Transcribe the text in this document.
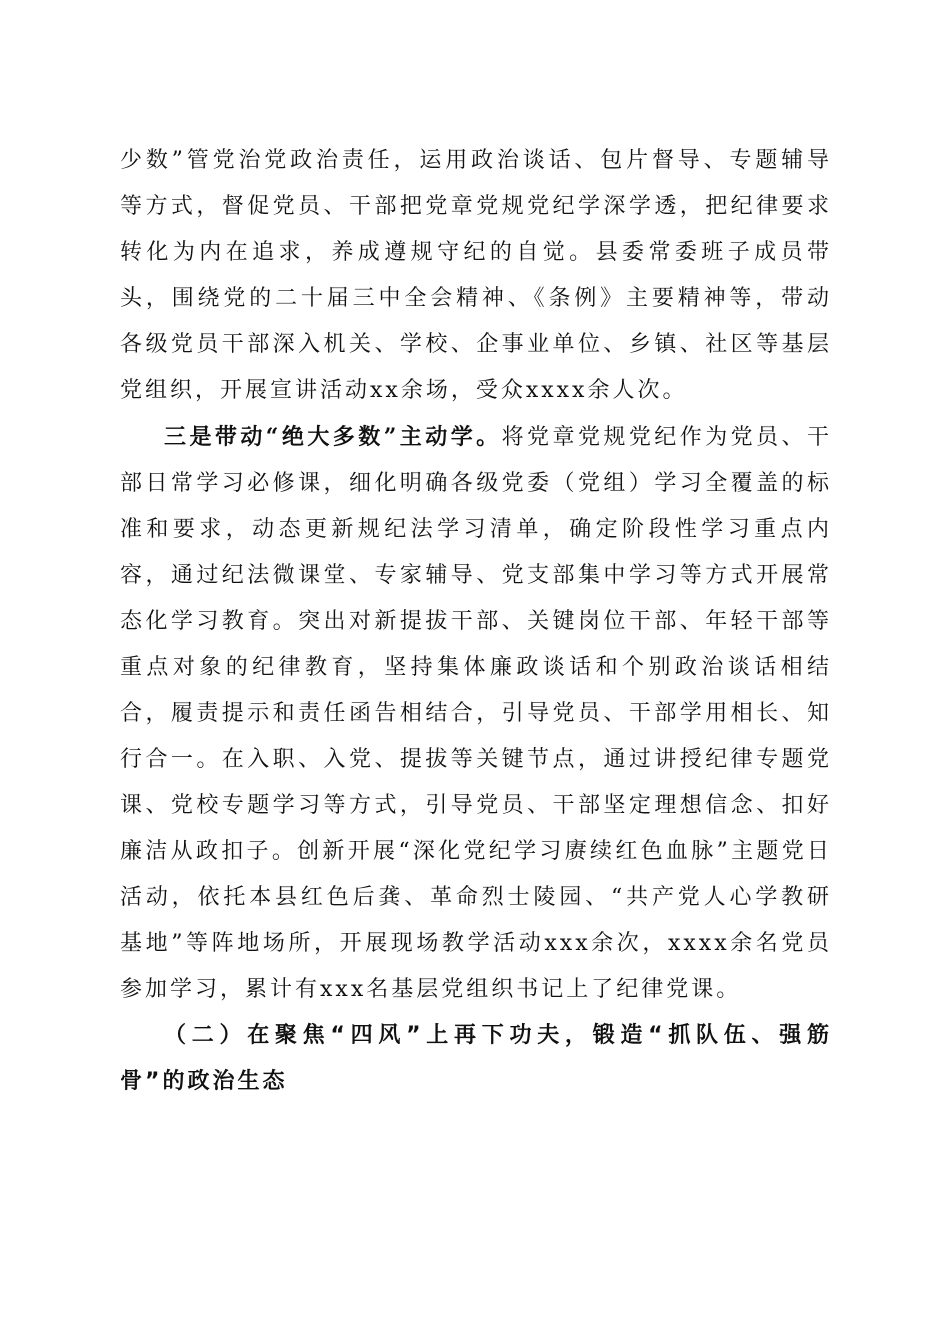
少数”管党治党政治责任，运用政治谈话、包片督导、专题辅导等方式，督促党员、干部把党章党规党纪学深学透，把纪律要求转化为内在追求，养成遵规守纪的自觉。县委常委班子成员带头，围绕党的二十届三中全会精神、《条例》主要精神等，带动各级党员干部深入机关、学校、企事业单位、乡镇、社区等基层党组织，开展宣讲活动xx余场，受众xxxx余人次。

三是带动“绝大多数”主动学。将党章党规党纪作为党员、干部日常学习必修课，细化明确各级党委（党组）学习全覆盖的标准和要求，动态更新规纪法学习清单，确定阶段性学习重点内容，通过纪法微课堂、专家辅导、党支部集中学习等方式开展常态化学习教育。突出对新提拔干部、关键岗位干部、年轻干部等重点对象的纪律教育，坚持集体廉政谈话和个别政治谈话相结合，履责提示和责任函告相结合，引导党员、干部学用相长、知行合一。在入职、入党、提拔等关键节点，通过讲授纪律专题党课、党校专题学习等方式，引导党员、干部坚定理想信念、扣好廉洁从政扣子。创新开展“深化党纪学习赓续红色血脉”主题党日活动，依托本县红色后龚、革命烈士陵园、“共产党人心学教研基地”等阵地场所，开展现场教学活动xxx余次，xxxx余名党员参加学习，累计有xxx名基层党组织书记上了纪律党课。

（二）在聚焦“四风”上再下功夫，锻造“抓队伍、强筋骨”的政治生态
